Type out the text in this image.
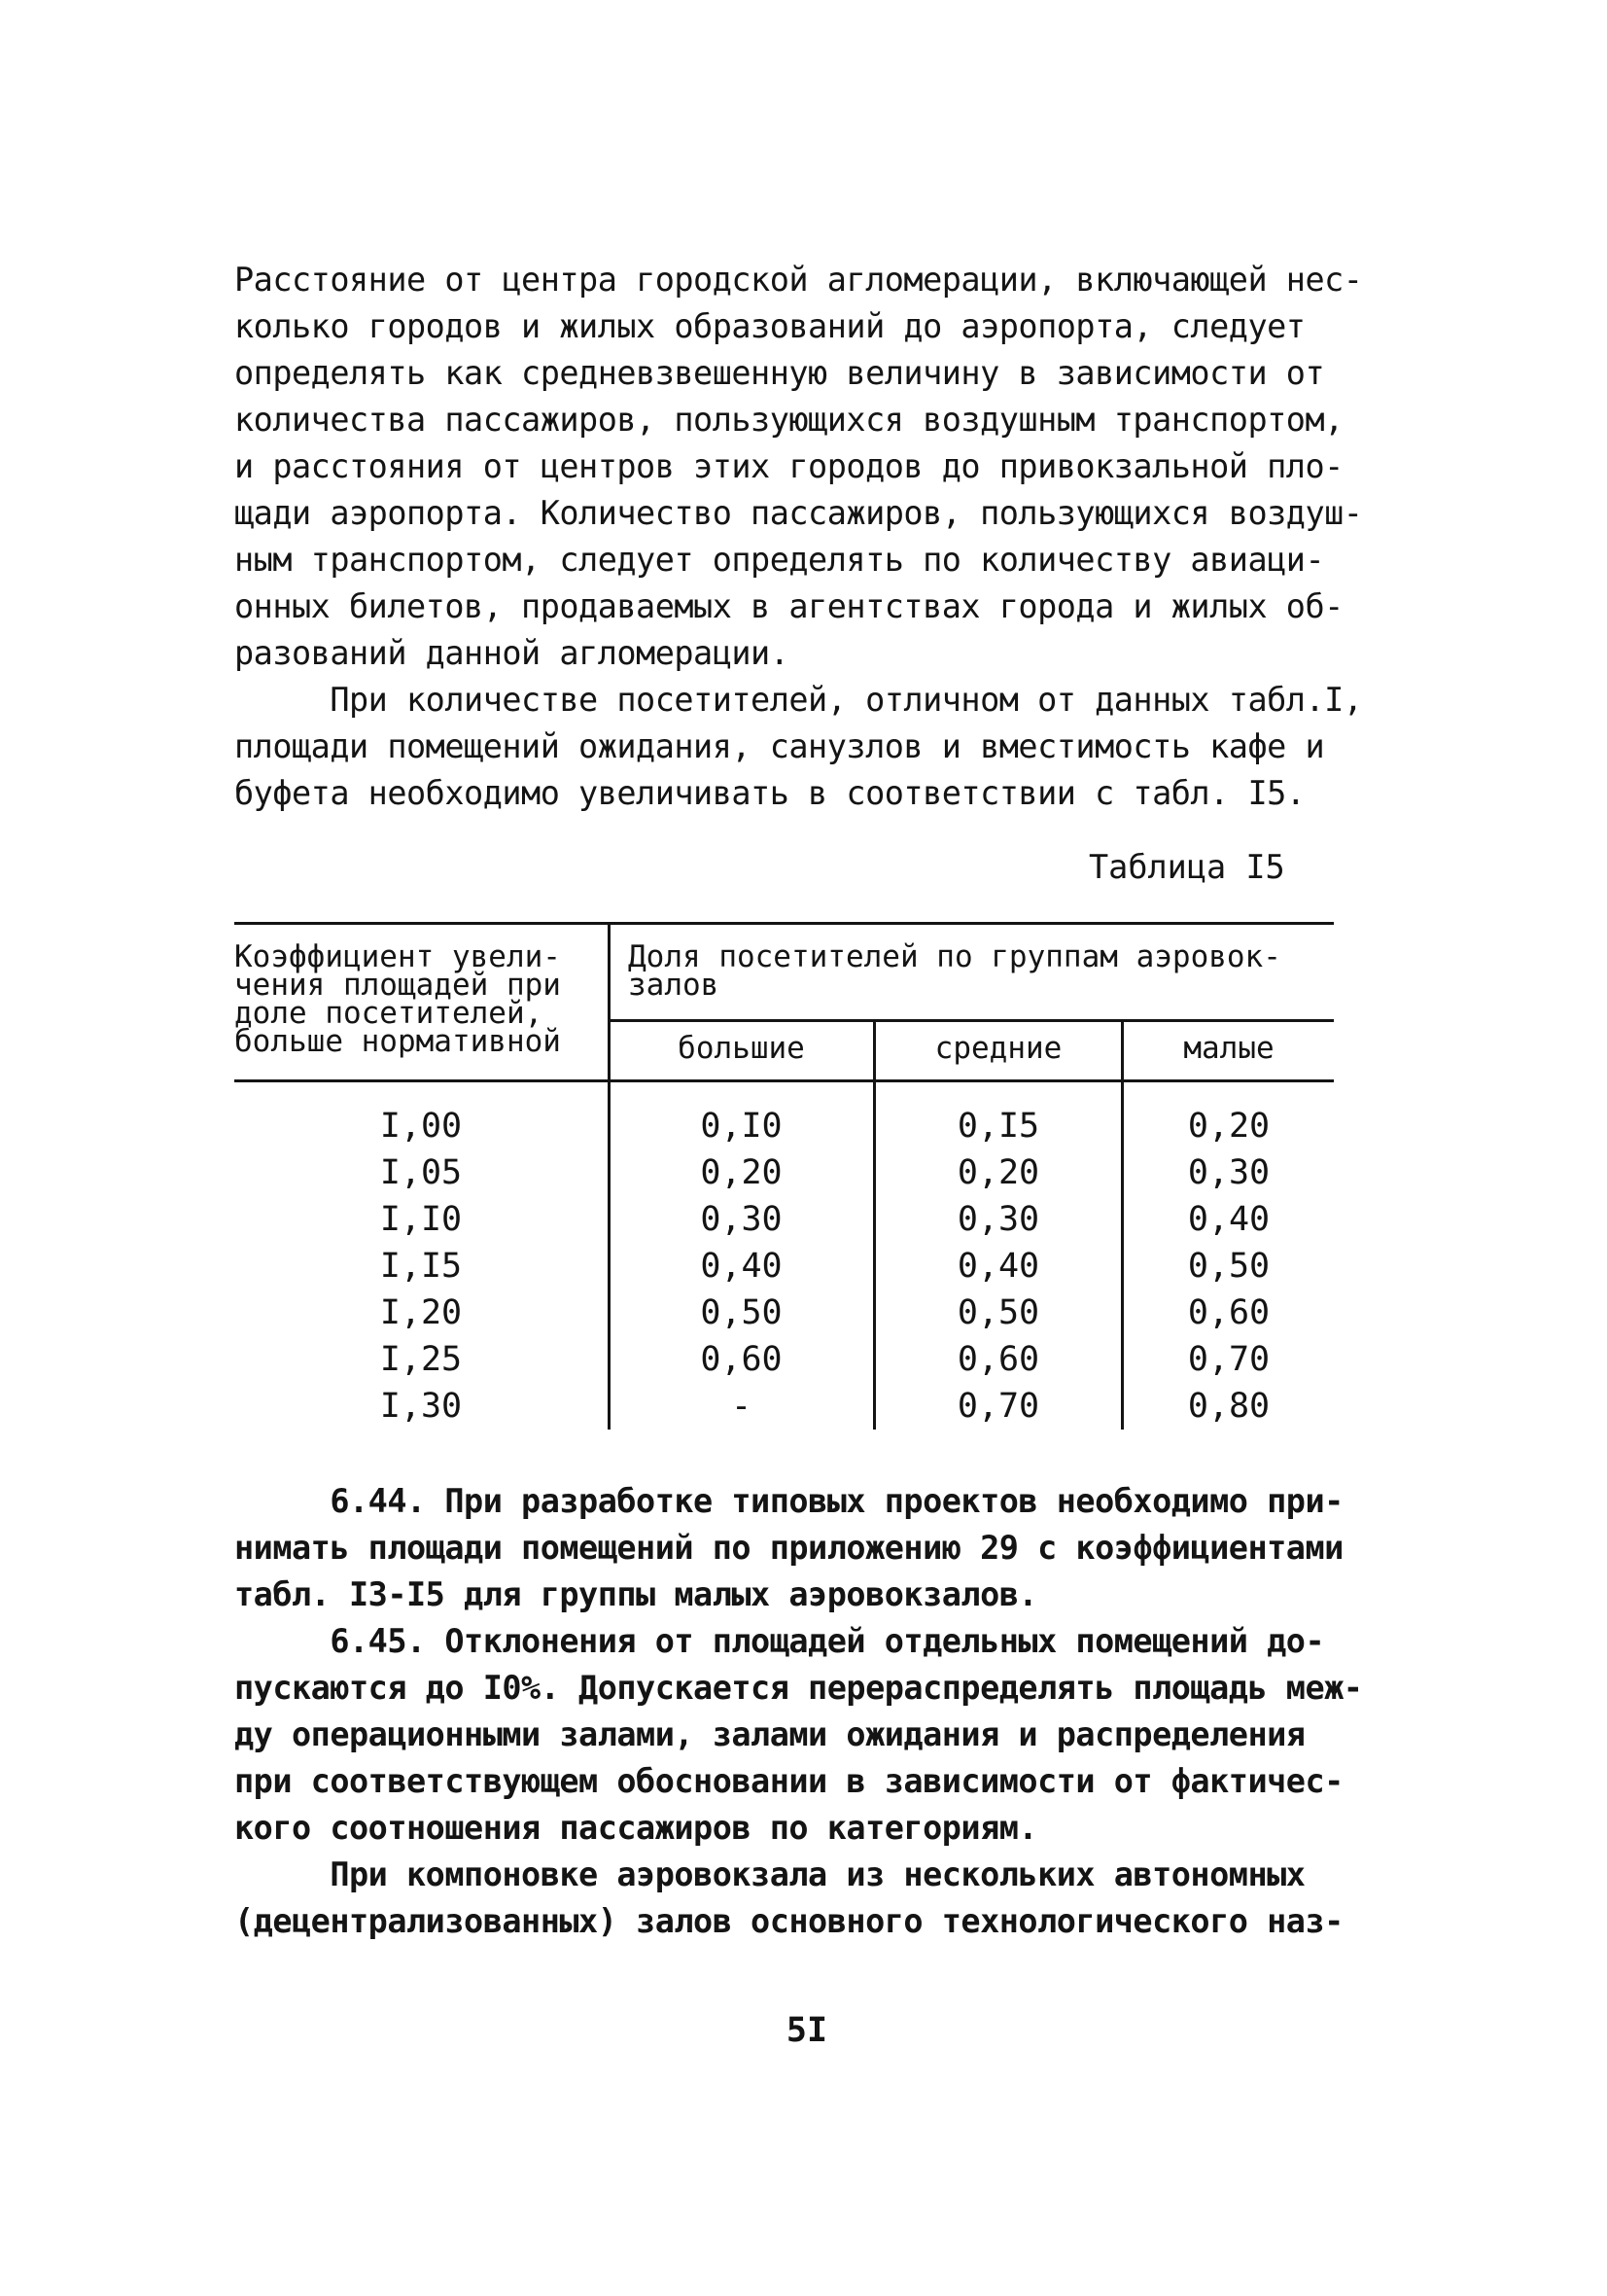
Расстояние от центра городской агломерации, включающей нес-
колько городов и жилых образований до аэропорта, следует
определять как средневзвешенную величину в зависимости от
количества пассажиров, пользующихся воздушным транспортом,
и расстояния от центров этих городов до привокзальной пло-
щади аэропорта. Количество пассажиров, пользующихся воздуш-
ным транспортом, следует определять по количеству авиаци-
онных билетов, продаваемых в агентствах города и жилых об-
разований данной агломерации.
При количестве посетителей, отличном от данных табл.I,
площади помещений ожидания, санузлов и вместимость кафе и
буфета необходимо увеличивать в соответствии с табл. I5.
Таблица I5
Коэффициент увели-
чения площадей при
доле посетителей,
больше нормативной
Доля посетителей по группам аэровок-
залов
большие	средние	малые
I,00	0,I0	0,I5	0,20
I,05	0,20	0,20	0,30
I,I0	0,30	0,30	0,40
I,I5	0,40	0,40	0,50
I,20	0,50	0,50	0,60
I,25	0,60	0,60	0,70
I,30	-	0,70	0,80
6.44. При разработке типовых проектов необходимо при-
нимать площади помещений по приложению 29 с коэффициентами
табл. I3-I5 для группы малых аэровокзалов.
6.45. Отклонения от площадей отдельных помещений до-
пускаются до I0%. Допускается перераспределять площадь меж-
ду операционными залами, залами ожидания и распределения
при соответствующем обосновании в зависимости от фактичес-
кого соотношения пассажиров по категориям.
При компоновке аэровокзала из нескольких автономных
(децентрализованных) залов основного технологического наз-
5I
